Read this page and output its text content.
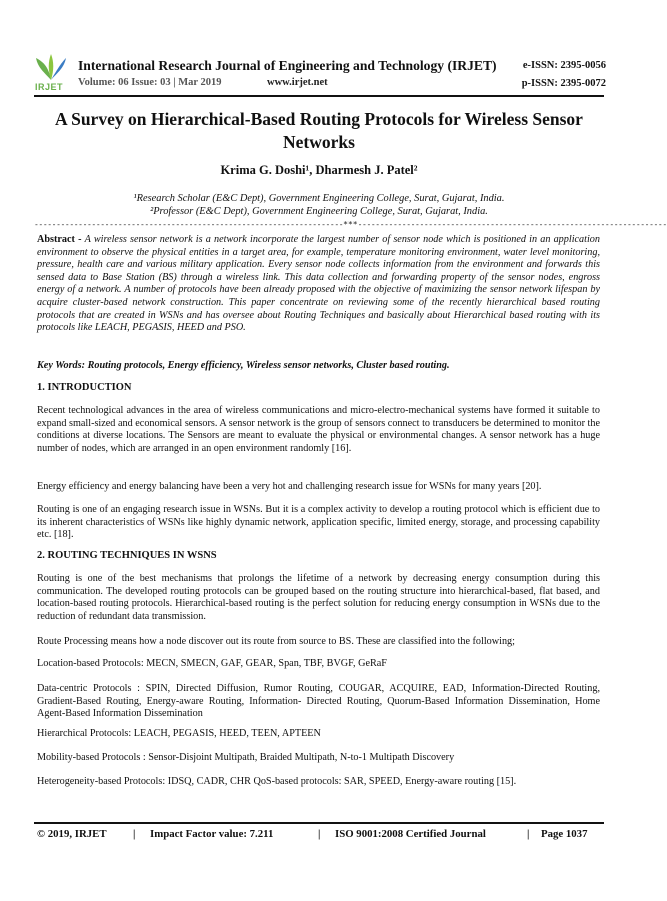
IRJET
International Research Journal of Engineering and Technology (IRJET)
Volume: 06 Issue: 03 | Mar 2019	www.irjet.net
e-ISSN: 2395-0056
p-ISSN: 2395-0072
A Survey on Hierarchical-Based Routing Protocols for Wireless Sensor Networks
Krima G. Doshi¹, Dharmesh J. Patel²
¹Research Scholar (E&C Dept), Government Engineering College, Surat, Gujarat, India.
²Professor (E&C Dept), Government Engineering College, Surat, Gujarat, India.
----------------------------------------------------------------------***----------------------------------------------------------------------
Abstract - A wireless sensor network is a network incorporate the largest number of sensor node which is positioned in an application environment to observe the physical entities in a target area, for example, temperature monitoring environment, water level monitoring, pressure, health care and various military application. Every sensor node collects information from the environment and forwards this sensed data to Base Station (BS) through a wireless link. This data collection and forwarding property of the sensor nodes, engross energy of a network. A number of protocols have been already proposed with the objective of maximizing the sensor network lifespan by acquire cluster-based network construction. This paper concentrate on reviewing some of the recently hierarchical based routing protocols that are created in WSNs and has oversee about Routing Techniques and basically about Hierarchical based routing with its protocols like LEACH, PEGASIS, HEED and PSO.
Key Words: Routing protocols, Energy efficiency, Wireless sensor networks, Cluster based routing.
1. INTRODUCTION
Recent technological advances in the area of wireless communications and micro-electro-mechanical systems have formed it suitable to expand small-sized and economical sensors. A sensor network is the group of sensors connect to transducers be determined to monitor the conditions at diverse locations. The Sensors are meant to evaluate the physical or environmental changes. A sensor network has a huge number of nodes, which are arranged in an open environment randomly [16].
Energy efficiency and energy balancing have been a very hot and challenging research issue for WSNs for many years [20].
Routing is one of an engaging research issue in WSNs. But it is a complex activity to develop a routing protocol which is efficient due to its inherent characteristics of WSNs like highly dynamic network, application specific, limited energy, storage, and processing capability etc. [18].
2. ROUTING TECHNIQUES IN WSNS
Routing is one of the best mechanisms that prolongs the lifetime of a network by decreasing energy consumption during this communication. The developed routing protocols can be grouped based on the routing structure into hierarchical-based, flat based, and location-based routing protocols. Hierarchical-based routing is the perfect solution for reducing energy consumption in WSNs due to the reduction of redundant data transmission.
Route Processing means how a node discover out its route from source to BS. These are classified into the following;
Location-based Protocols: MECN, SMECN, GAF, GEAR, Span, TBF, BVGF, GeRaF
Data-centric Protocols : SPIN, Directed Diffusion, Rumor Routing, COUGAR, ACQUIRE, EAD, Information-Directed Routing, Gradient-Based Routing, Energy-aware Routing, Information- Directed Routing, Quorum-Based Information Dissemination, Home Agent-Based Information Dissemination
Hierarchical Protocols: LEACH, PEGASIS, HEED, TEEN, APTEEN
Mobility-based Protocols : Sensor-Disjoint Multipath, Braided Multipath, N-to-1 Multipath Discovery
Heterogeneity-based Protocols: IDSQ, CADR, CHR QoS-based protocols: SAR, SPEED, Energy-aware routing [15].
© 2019, IRJET | Impact Factor value: 7.211	| ISO 9001:2008 Certified Journal	| Page 1037
